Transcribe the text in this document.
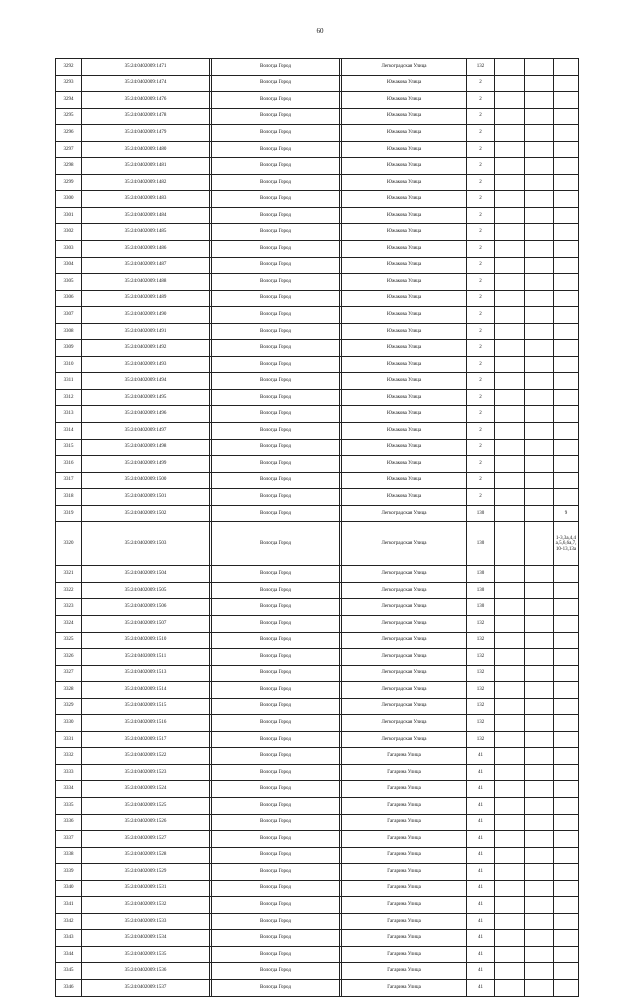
60
3292	35:24:0402009:1471		Вологда Город		Легкоградская Улица	132			
3293	35:24:0402009:1474		Вологда Город		Южакова Улица	2			
3294	35:24:0402009:1476		Вологда Город		Южакова Улица	2			
3295	35:24:0402009:1478		Вологда Город		Южакова Улица	2			
3296	35:24:0402009:1479		Вологда Город		Южакова Улица	2			
3297	35:24:0402009:1480		Вологда Город		Южакова Улица	2			
3298	35:24:0402009:1481		Вологда Город		Южакова Улица	2			
3299	35:24:0402009:1482		Вологда Город		Южакова Улица	2			
3300	35:24:0402009:1483		Вологда Город		Южакова Улица	2			
3301	35:24:0402009:1484		Вологда Город		Южакова Улица	2			
3302	35:24:0402009:1485		Вологда Город		Южакова Улица	2			
3303	35:24:0402009:1486		Вологда Город		Южакова Улица	2			
3304	35:24:0402009:1487		Вологда Город		Южакова Улица	2			
3305	35:24:0402009:1488		Вологда Город		Южакова Улица	2			
3306	35:24:0402009:1489		Вологда Город		Южакова Улица	2			
3307	35:24:0402009:1490		Вологда Город		Южакова Улица	2			
3308	35:24:0402009:1491		Вологда Город		Южакова Улица	2			
3309	35:24:0402009:1492		Вологда Город		Южакова Улица	2			
3310	35:24:0402009:1493		Вологда Город		Южакова Улица	2			
3311	35:24:0402009:1494		Вологда Город		Южакова Улица	2			
3312	35:24:0402009:1495		Вологда Город		Южакова Улица	2			
3313	35:24:0402009:1496		Вологда Город		Южакова Улица	2			
3314	35:24:0402009:1497		Вологда Город		Южакова Улица	2			
3315	35:24:0402009:1498		Вологда Город		Южакова Улица	2			
3316	35:24:0402009:1499		Вологда Город		Южакова Улица	2			
3317	35:24:0402009:1500		Вологда Город		Южакова Улица	2			
3318	35:24:0402009:1501		Вологда Город		Южакова Улица	2			
3319	35:24:0402009:1502		Вологда Город		Легкоградская Улица	130			9
3320	35:24:0402009:1503		Вологда Город		Легкоградская Улица	130			1-3,3а,4,4а,5,6,6а,7,10-13,13а
3321	35:24:0402009:1504		Вологда Город		Легкоградская Улица	130			
3322	35:24:0402009:1505		Вологда Город		Легкоградская Улица	130			
3323	35:24:0402009:1506		Вологда Город		Легкоградская Улица	130			
3324	35:24:0402009:1507		Вологда Город		Легкоградская Улица	132			
3325	35:24:0402009:1510		Вологда Город		Легкоградская Улица	132			
3326	35:24:0402009:1511		Вологда Город		Легкоградская Улица	132			
3327	35:24:0402009:1513		Вологда Город		Легкоградская Улица	132			
3328	35:24:0402009:1514		Вологда Город		Легкоградская Улица	132			
3329	35:24:0402009:1515		Вологда Город		Легкоградская Улица	132			
3330	35:24:0402009:1516		Вологда Город		Легкоградская Улица	132			
3331	35:24:0402009:1517		Вологда Город		Легкоградская Улица	132			
3332	35:24:0402009:1522		Вологда Город		Гагарина Улица	41			
3333	35:24:0402009:1523		Вологда Город		Гагарина Улица	41			
3334	35:24:0402009:1524		Вологда Город		Гагарина Улица	41			
3335	35:24:0402009:1525		Вологда Город		Гагарина Улица	41			
3336	35:24:0402009:1526		Вологда Город		Гагарина Улица	41			
3337	35:24:0402009:1527		Вологда Город		Гагарина Улица	41			
3338	35:24:0402009:1528		Вологда Город		Гагарина Улица	41			
3339	35:24:0402009:1529		Вологда Город		Гагарина Улица	41			
3340	35:24:0402009:1531		Вологда Город		Гагарина Улица	41			
3341	35:24:0402009:1532		Вологда Город		Гагарина Улица	41			
3342	35:24:0402009:1533		Вологда Город		Гагарина Улица	41			
3343	35:24:0402009:1534		Вологда Город		Гагарина Улица	41			
3344	35:24:0402009:1535		Вологда Город		Гагарина Улица	41			
3345	35:24:0402009:1536		Вологда Город		Гагарина Улица	41			
3346	35:24:0402009:1537		Вологда Город		Гагарина Улица	41			
